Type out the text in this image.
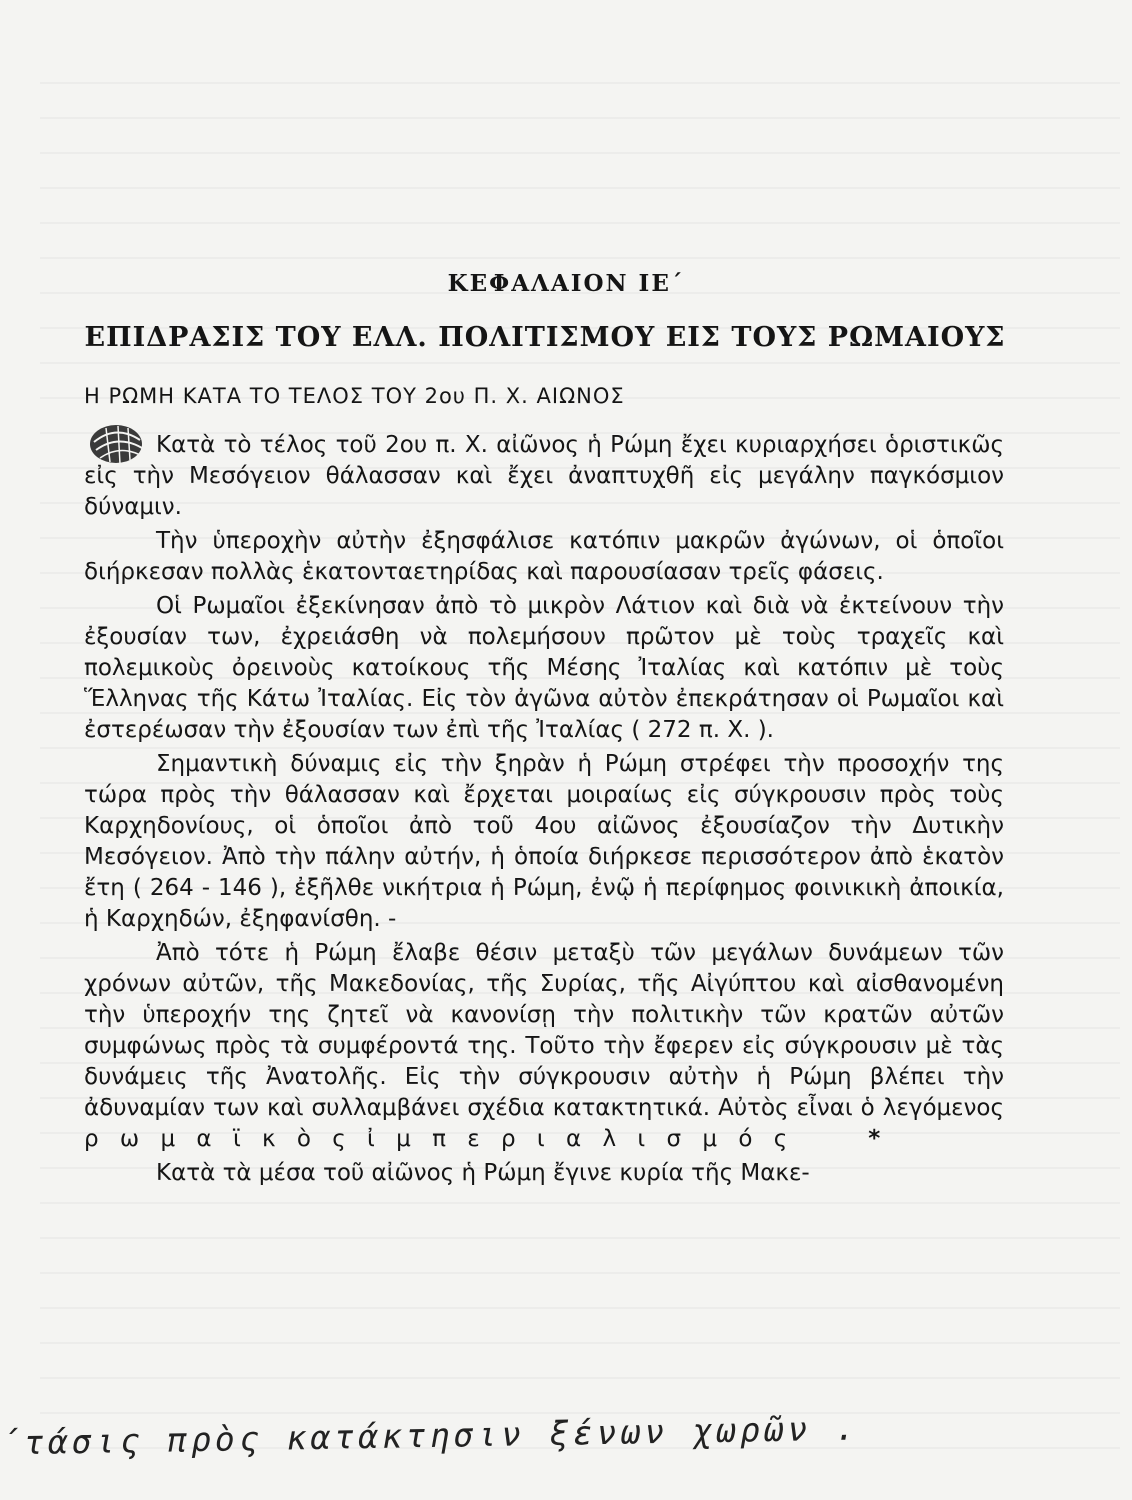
ΚΕΦΑΛΑΙΟΝ ΙΕ΄
ΕΠΙΔΡΑΣΙΣ ΤΟΥ ΕΛΛ. ΠΟΛΙΤΙΣΜΟΥ ΕΙΣ ΤΟΥΣ ΡΩΜΑΙΟΥΣ
Η ΡΩΜΗ ΚΑΤΑ ΤΟ ΤΕΛΟΣ ΤΟΥ 2ου Π. Χ. ΑΙΩΝΟΣ

Κατὰ τὸ τέλος τοῦ 2ου π. Χ. αἰῶνος ἡ Ρώμη ἔχει κυριαρχήσει ὁριστικῶς εἰς τὴν Μεσόγειον θάλασσαν καὶ ἔχει ἀναπτυχθῆ εἰς μεγάλην παγκόσμιον δύναμιν.

Τὴν ὑπεροχὴν αὐτὴν ἐξησφάλισε κατόπιν μακρῶν ἀγώνων, οἱ ὁποῖοι διήρκεσαν πολλὰς ἑκατονταετηρίδας καὶ παρουσίασαν τρεῖς φάσεις.

Οἱ Ρωμαῖοι ἐξεκίνησαν ἀπὸ τὸ μικρὸν Λάτιον καὶ διὰ νὰ ἐκτείνουν τὴν ἐξουσίαν των, ἐχρειάσθη νὰ πολεμήσουν πρῶτον μὲ τοὺς τραχεῖς καὶ πολεμικοὺς ὀρεινοὺς κατοίκους τῆς Μέσης Ἰταλίας καὶ κατόπιν μὲ τοὺς Ἕλληνας τῆς Κάτω Ἰταλίας. Εἰς τὸν ἀγῶνα αὐτὸν ἐπεκράτησαν οἱ Ρωμαῖοι καὶ ἐστερέωσαν τὴν ἐξουσίαν των ἐπὶ τῆς Ἰταλίας ( 272 π. Χ. ).

Σημαντικὴ δύναμις εἰς τὴν ξηρὰν ἡ Ρώμη στρέφει τὴν προσοχήν της τώρα πρὸς τὴν θάλασσαν καὶ ἔρχεται μοιραίως εἰς σύγκρουσιν πρὸς τοὺς Καρχηδονίους, οἱ ὁποῖοι ἀπὸ τοῦ 4ου αἰῶνος ἐξουσίαζον τὴν Δυτικὴν Μεσόγειον. Ἀπὸ τὴν πάλην αὐτήν, ἡ ὁποία διήρκεσε περισσότερον ἀπὸ ἑκατὸν ἔτη ( 264 - 146 ), ἐξῆλθε νικήτρια ἡ Ρώμη, ἐνῷ ἡ περίφημος φοινικικὴ ἀποικία, ἡ Καρχηδών, ἐξηφανίσθη. -

Ἀπὸ τότε ἡ Ρώμη ἔλαβε θέσιν μεταξὺ τῶν μεγάλων δυνάμεων τῶν χρόνων αὐτῶν, τῆς Μακεδονίας, τῆς Συρίας, τῆς Αἰγύπτου καὶ αἰσθανομένη τὴν ὑπεροχήν της ζητεῖ νὰ κανονίσῃ τὴν πολιτικὴν τῶν κρατῶν αὐτῶν συμφώνως πρὸς τὰ συμφέροντά της. Τοῦτο τὴν ἔφερεν εἰς σύγκρουσιν μὲ τὰς δυνάμεις τῆς Ἀνατολῆς. Εἰς τὴν σύγκρουσιν αὐτὴν ἡ Ρώμη βλέπει τὴν ἀδυναμίαν των καὶ συλλαμβάνει σχέδια κατακτητικά. Αὐτὸς εἶναι ὁ λεγόμενος ρ ω μ α ϊ κ ὸ ς ἰ μ π ε ρ ι α λ ι σ μ ό ς	*

Κατὰ τὰ μέσα τοῦ αἰῶνος ἡ Ρώμη ἔγινε κυρία τῆς Μακε-

΄τάσις πρὸς κατάκτησιν ξένων χωρῶν .
